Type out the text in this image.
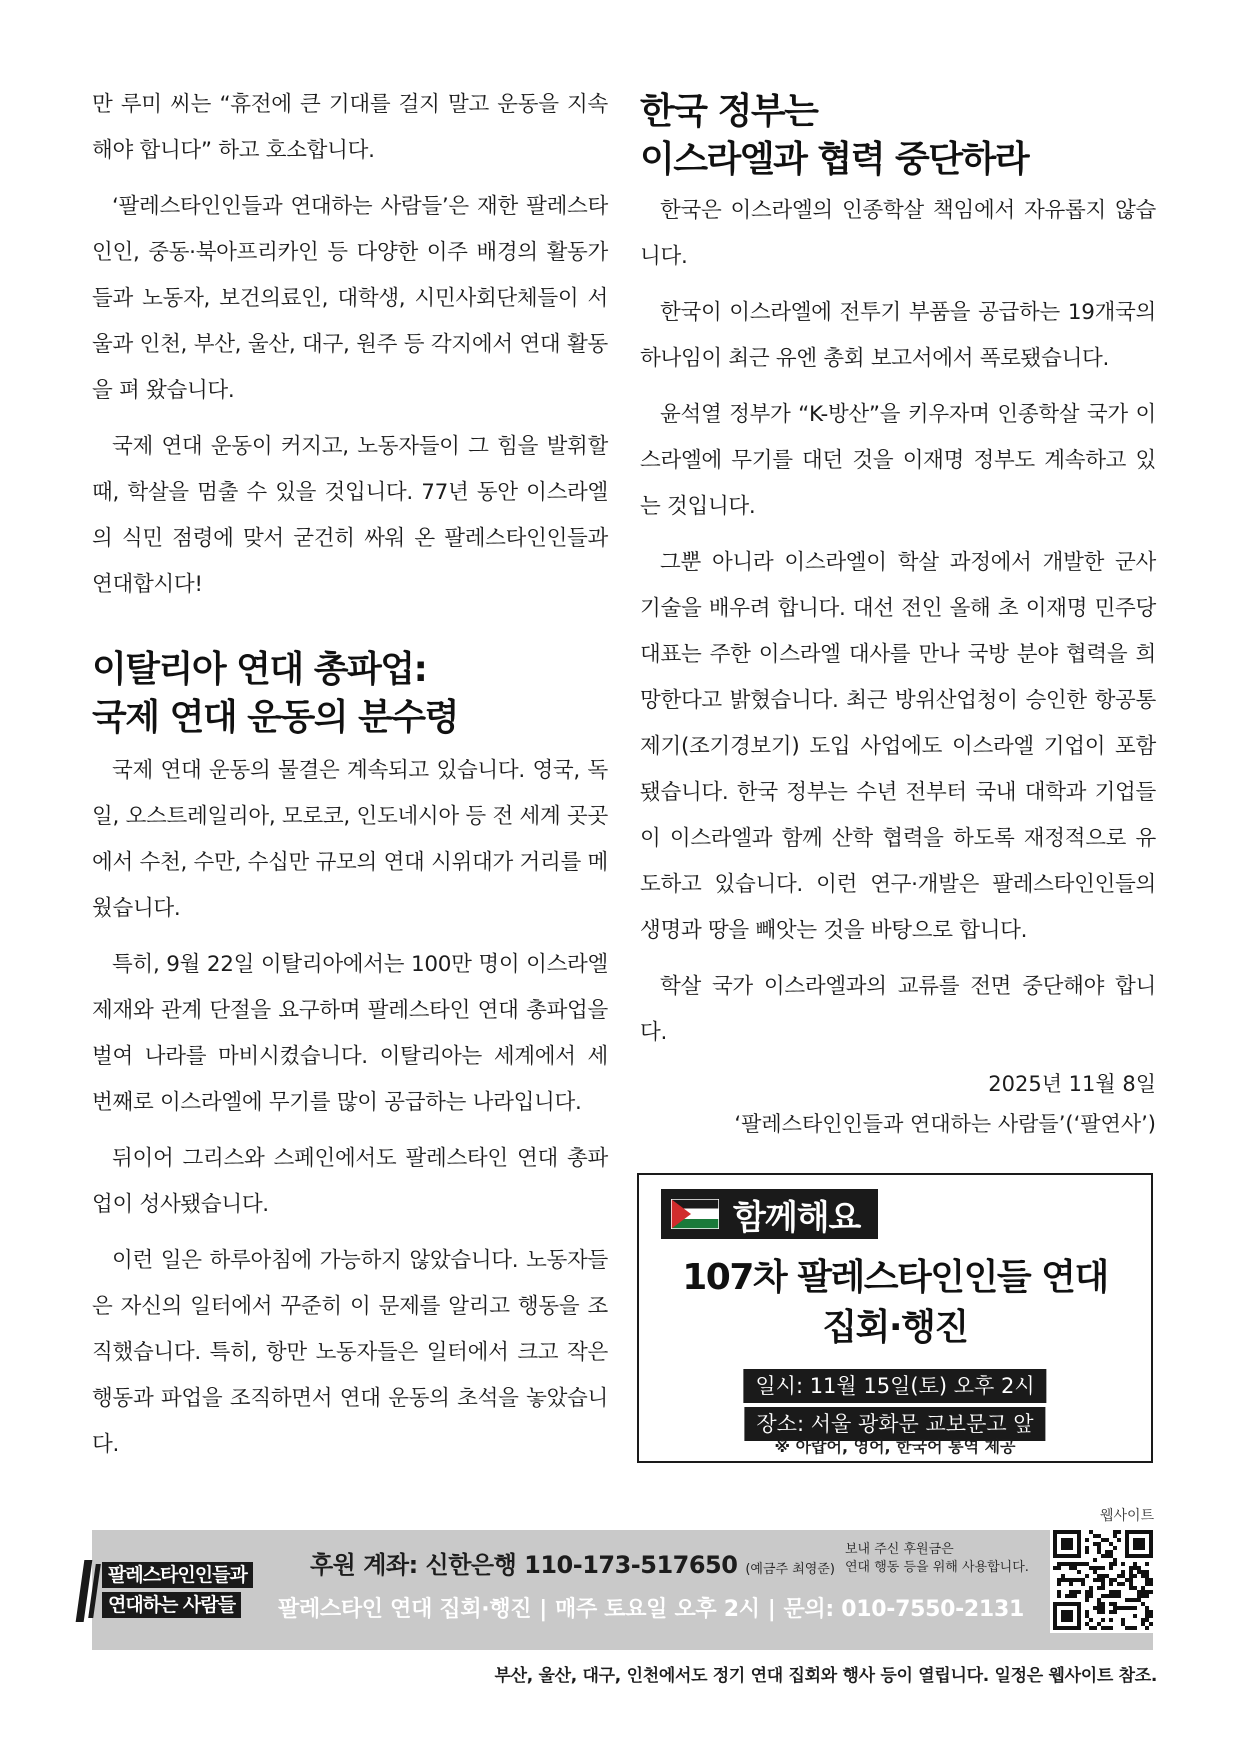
만 루미 씨는 “휴전에 큰 기대를 걸지 말고 운동을 지속해야 합니다” 하고 호소합니다.

‘팔레스타인인들과 연대하는 사람들’은 재한 팔레스타인인, 중동·북아프리카인 등 다양한 이주 배경의 활동가들과 노동자, 보건의료인, 대학생, 시민사회단체들이 서울과 인천, 부산, 울산, 대구, 원주 등 각지에서 연대 활동을 펴 왔습니다.

국제 연대 운동이 커지고, 노동자들이 그 힘을 발휘할 때, 학살을 멈출 수 있을 것입니다. 77년 동안 이스라엘의 식민 점령에 맞서 굳건히 싸워 온 팔레스타인인들과 연대합시다!

이탈리아 연대 총파업:
국제 연대 운동의 분수령

국제 연대 운동의 물결은 계속되고 있습니다. 영국, 독일, 오스트레일리아, 모로코, 인도네시아 등 전 세계 곳곳에서 수천, 수만, 수십만 규모의 연대 시위대가 거리를 메웠습니다.

특히, 9월 22일 이탈리아에서는 100만 명이 이스라엘 제재와 관계 단절을 요구하며 팔레스타인 연대 총파업을 벌여 나라를 마비시켰습니다. 이탈리아는 세계에서 세 번째로 이스라엘에 무기를 많이 공급하는 나라입니다.

뒤이어 그리스와 스페인에서도 팔레스타인 연대 총파업이 성사됐습니다.

이런 일은 하루아침에 가능하지 않았습니다. 노동자들은 자신의 일터에서 꾸준히 이 문제를 알리고 행동을 조직했습니다. 특히, 항만 노동자들은 일터에서 크고 작은 행동과 파업을 조직하면서 연대 운동의 초석을 놓았습니다.

한국 정부는
이스라엘과 협력 중단하라

한국은 이스라엘의 인종학살 책임에서 자유롭지 않습니다.

한국이 이스라엘에 전투기 부품을 공급하는 19개국의 하나임이 최근 유엔 총회 보고서에서 폭로됐습니다.

윤석열 정부가 “K-방산”을 키우자며 인종학살 국가 이스라엘에 무기를 대던 것을 이재명 정부도 계속하고 있는 것입니다.

그뿐 아니라 이스라엘이 학살 과정에서 개발한 군사 기술을 배우려 합니다. 대선 전인 올해 초 이재명 민주당 대표는 주한 이스라엘 대사를 만나 국방 분야 협력을 희망한다고 밝혔습니다. 최근 방위산업청이 승인한 항공통제기(조기경보기) 도입 사업에도 이스라엘 기업이 포함됐습니다. 한국 정부는 수년 전부터 국내 대학과 기업들이 이스라엘과 함께 산학 협력을 하도록 재정적으로 유도하고 있습니다. 이런 연구·개발은 팔레스타인인들의 생명과 땅을 빼앗는 것을 바탕으로 합니다.

학살 국가 이스라엘과의 교류를 전면 중단해야 합니다.

2025년 11월 8일
‘팔레스타인인들과 연대하는 사람들’(‘팔연사’)
함께해요
107차 팔레스타인인들 연대
집회·행진
일시: 11월 15일(토) 오후 2시
장소: 서울 광화문 교보문고 앞
※ 아랍어, 영어, 한국어 통역 제공
웹사이트
팔레스타인인들과
연대하는 사람들
후원 계좌: 신한은행 110-173-517650 (예금주 최영준)
보내 주신 후원금은
연대 행동 등을 위해 사용합니다.
팔레스타인 연대 집회·행진 | 매주 토요일 오후 2시 | 문의: 010-7550-2131
부산, 울산, 대구, 인천에서도 정기 연대 집회와 행사 등이 열립니다. 일정은 웹사이트 참조.
